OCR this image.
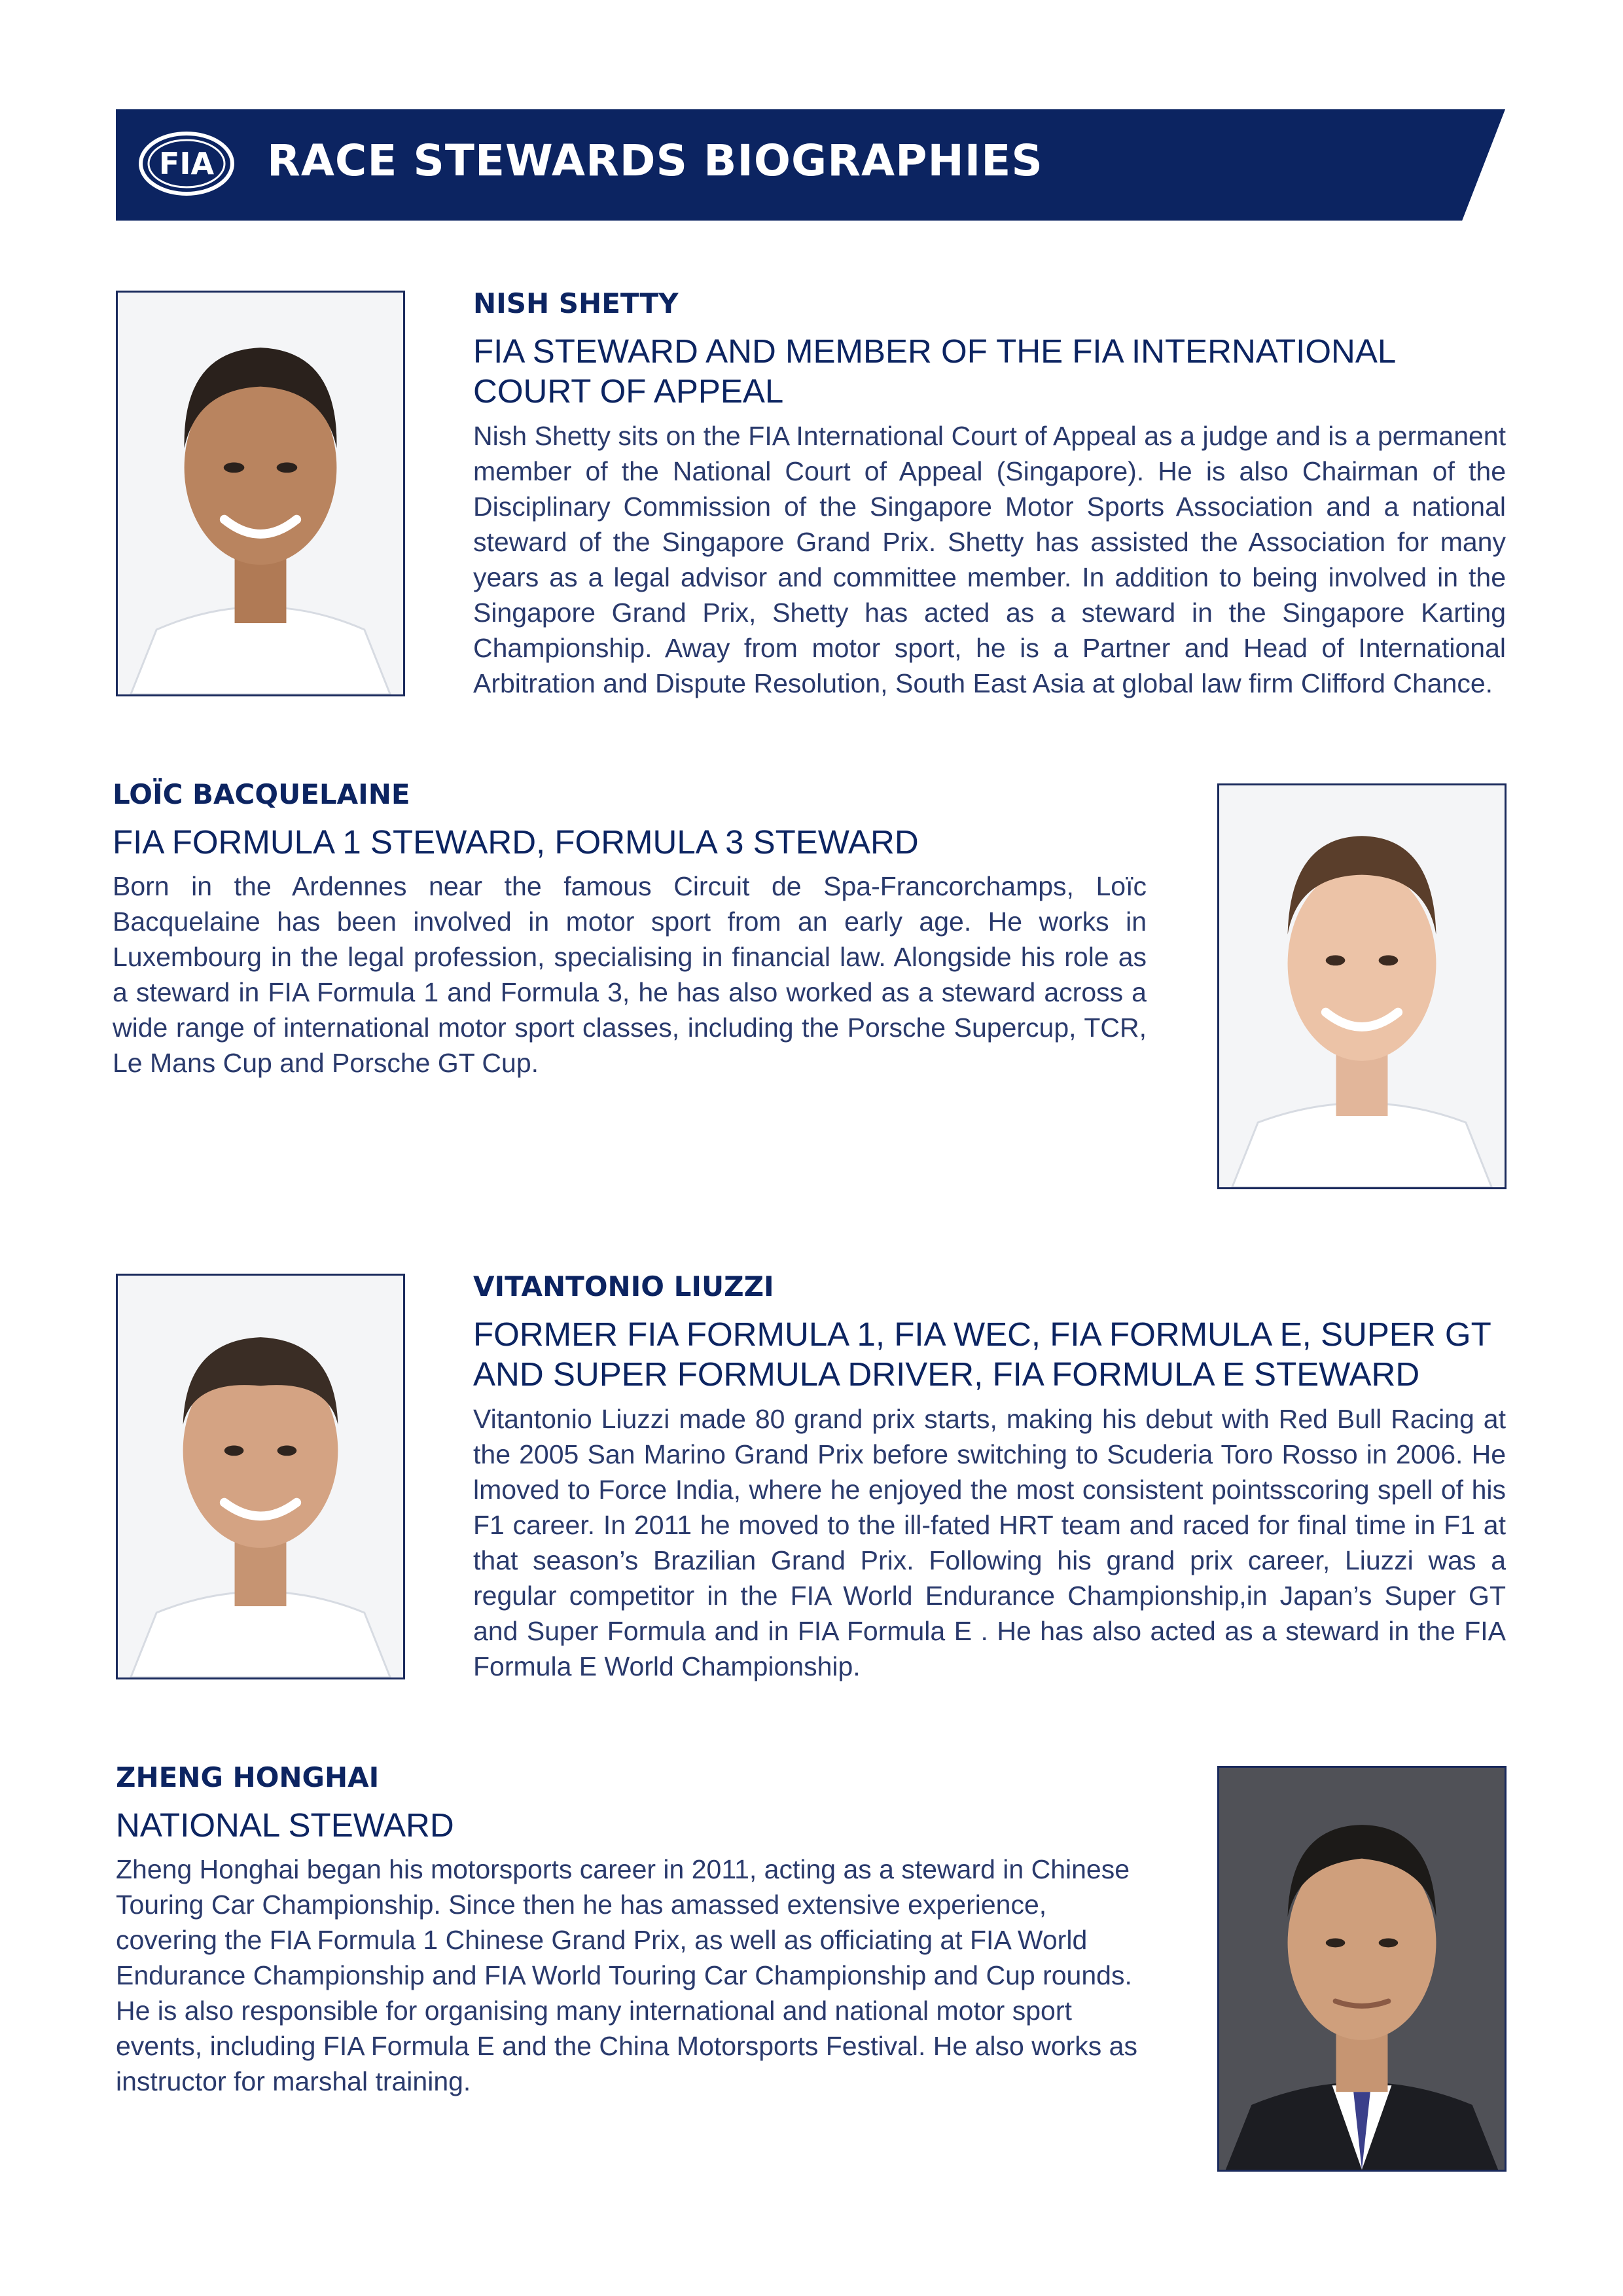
FIA RACE STEWARDS BIOGRAPHIES
NISH SHETTY
FIA STEWARD AND MEMBER OF THE FIA INTERNATIONAL COURT OF APPEAL

Nish Shetty sits on the FIA International Court of Appeal as a judge and is a permanent member of the National Court of Appeal (Singapore). He is also Chairman of the Disciplinary Commission of the Singapore Motor Sports Association and a national steward of the Singapore Grand Prix. Shetty has assisted the Association for many years as a legal advisor and committee member. In addition to being involved in the Singapore Grand Prix, Shetty has acted as a steward in the Singapore Karting Championship. Away from motor sport, he is a Partner and Head of International Arbitration and Dispute Resolution, South East Asia at global law firm Clifford Chance.

LOÏC BACQUELAINE
FIA FORMULA 1 STEWARD, FORMULA 3 STEWARD

Born in the Ardennes near the famous Circuit de Spa-Francorchamps, Loïc Bacquelaine has been involved in motor sport from an early age. He works in Luxembourg in the legal profession, specialising in financial law. Alongside his role as a steward in FIA Formula 1 and Formula 3, he has also worked as a steward across a wide range of international motor sport classes, including the Porsche Supercup, TCR, Le Mans Cup and Porsche GT Cup.

VITANTONIO LIUZZI
FORMER FIA FORMULA 1, FIA WEC, FIA FORMULA E, SUPER GT AND SUPER FORMULA DRIVER, FIA FORMULA E STEWARD

Vitantonio Liuzzi made 80 grand prix starts, making his debut with Red Bull Racing at the 2005 San Marino Grand Prix before switching to Scuderia Toro Rosso in 2006. He lmoved to Force India, where he enjoyed the most consistent pointsscoring spell of his F1 career. In 2011 he moved to the ill-fated HRT team and raced for final time in F1 at that season’s Brazilian Grand Prix. Following his grand prix career, Liuzzi was a regular competitor in the FIA World Endurance Championship,in Japan’s Super GT and Super Formula and in FIA Formula E . He has also acted as a steward in the FIA Formula E World Championship.

ZHENG HONGHAI
NATIONAL STEWARD

Zheng Honghai began his motorsports career in 2011, acting as a steward in Chinese Touring Car Championship. Since then he has amassed extensive experience, covering the FIA Formula 1 Chinese Grand Prix, as well as officiating at FIA World Endurance Championship and FIA World Touring Car Championship and Cup rounds. He is also responsible for organising many international and national motor sport events, including FIA Formula E and the China Motorsports Festival. He also works as instructor for marshal training.
